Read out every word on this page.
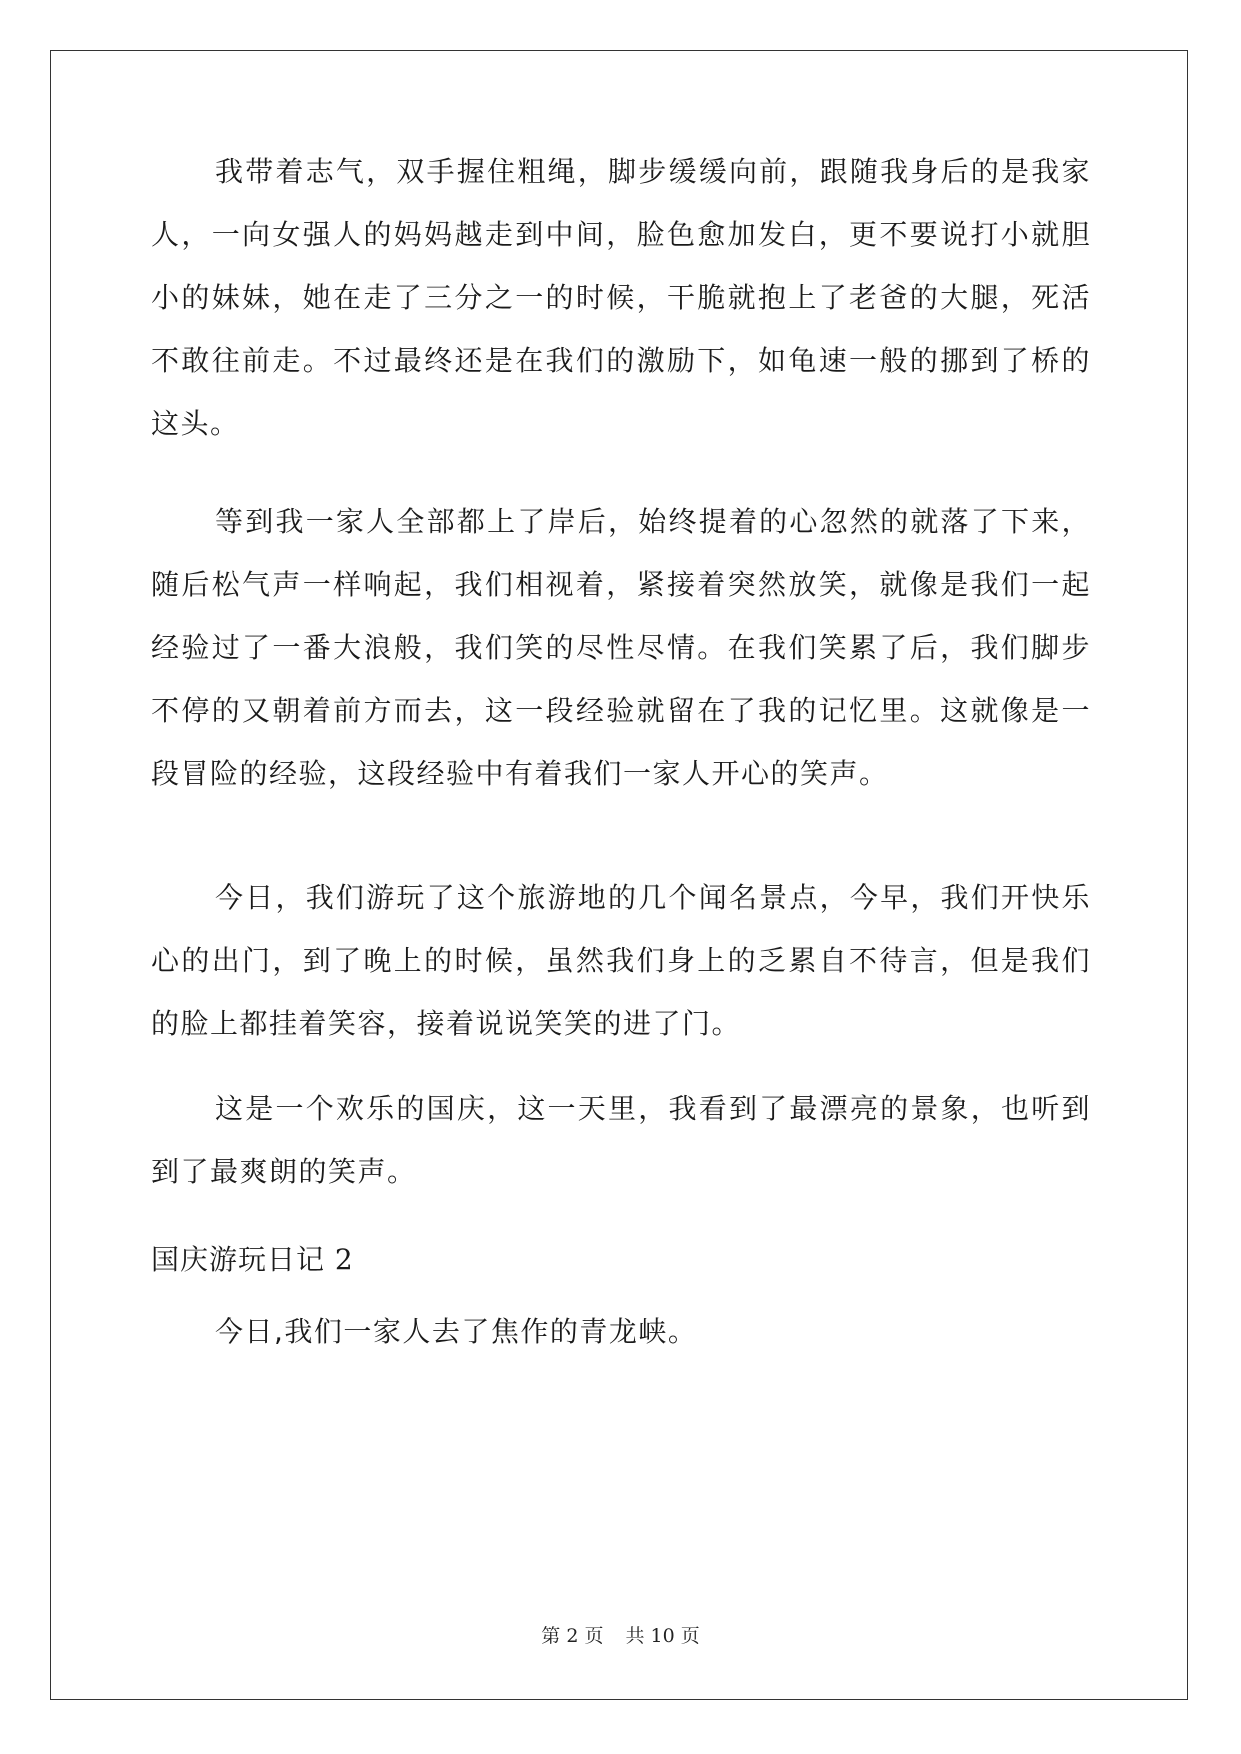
我带着志气，双手握住粗绳，脚步缓缓向前，跟随我身后的是我家人，一向女强人的妈妈越走到中间，脸色愈加发白，更不要说打小就胆小的妹妹，她在走了三分之一的时候，干脆就抱上了老爸的大腿，死活不敢往前走。不过最终还是在我们的激励下，如龟速一般的挪到了桥的这头。

等到我一家人全部都上了岸后，始终提着的心忽然的就落了下来，随后松气声一样响起，我们相视着，紧接着突然放笑，就像是我们一起经验过了一番大浪般，我们笑的尽性尽情。在我们笑累了后，我们脚步不停的又朝着前方而去，这一段经验就留在了我的记忆里。这就像是一段冒险的经验，这段经验中有着我们一家人开心的笑声。

今日，我们游玩了这个旅游地的几个闻名景点，今早，我们开快乐心的出门，到了晚上的时候，虽然我们身上的乏累自不待言，但是我们的脸上都挂着笑容，接着说说笑笑的进了门。

这是一个欢乐的国庆，这一天里，我看到了最漂亮的景象，也听到到了最爽朗的笑声。

国庆游玩日记 2

今日,我们一家人去了焦作的青龙峡。

第 2 页 共 10 页
